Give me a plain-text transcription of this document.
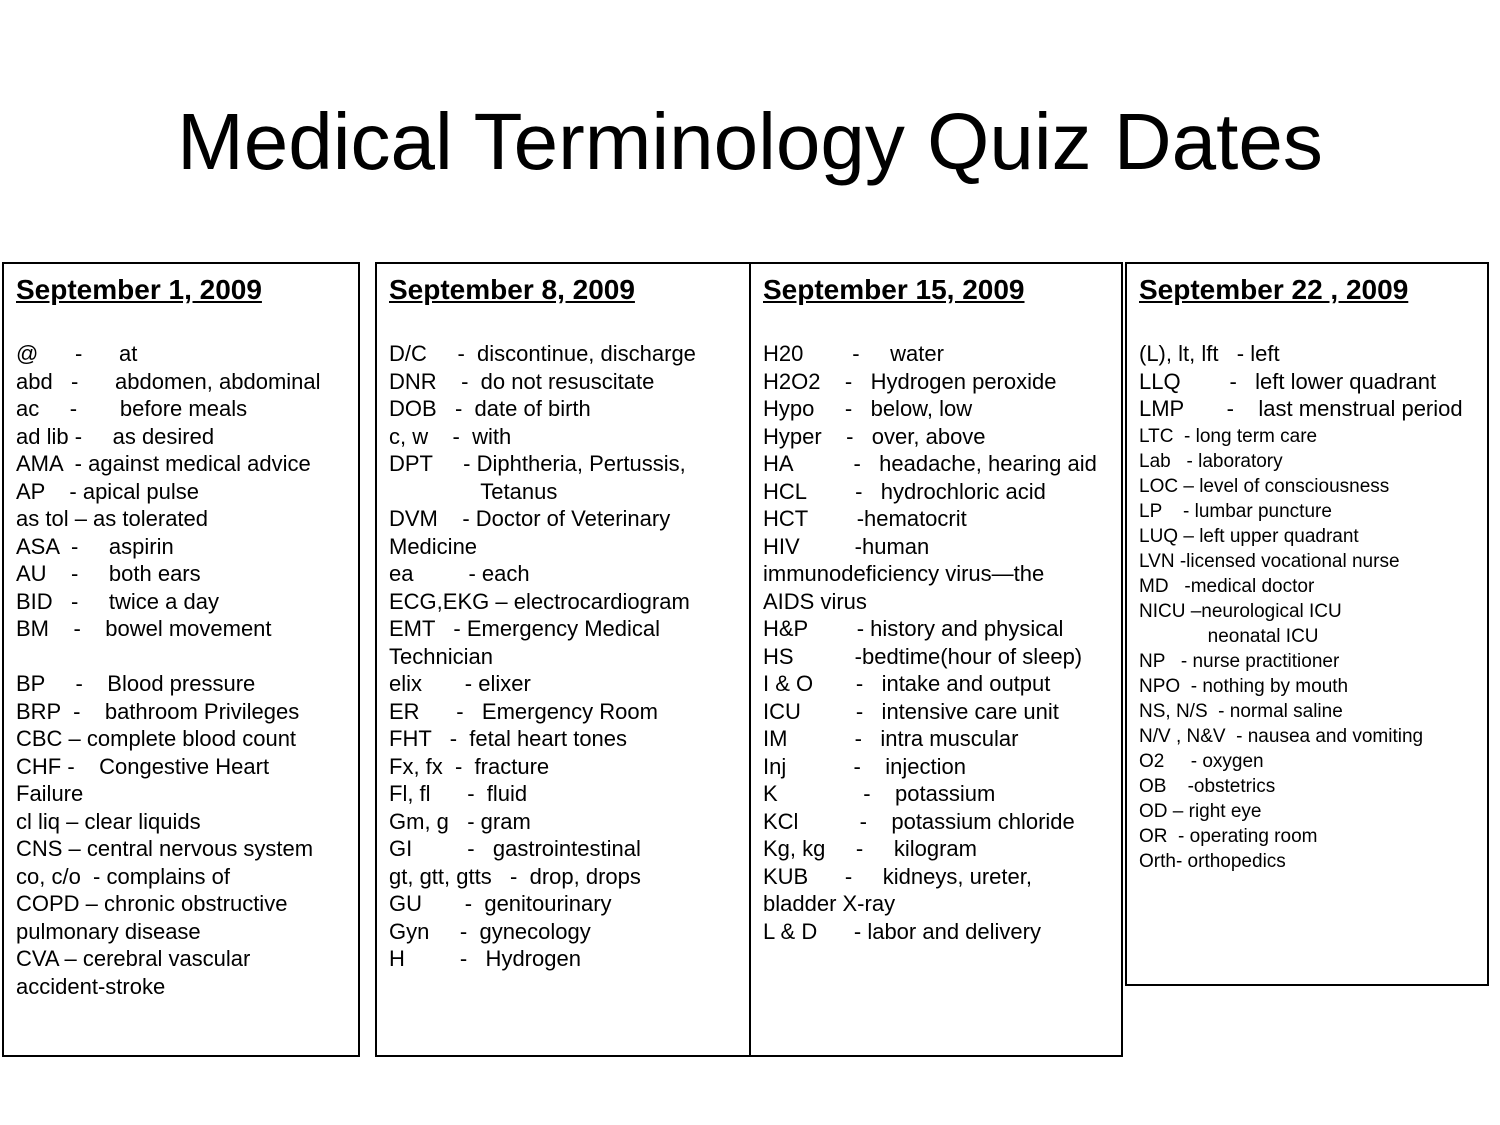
Medical Terminology Quiz Dates
September 1, 2009
@      -      at
abd   -      abdomen, abdominal
ac     -       before meals
ad lib -     as desired
AMA  - against medical advice
AP    - apical pulse
as tol – as tolerated
ASA  -     aspirin
AU    -     both ears
BID   -     twice a day
BM    -    bowel movement
BP     -    Blood pressure
BRP  -    bathroom Privileges
CBC – complete blood count
CHF -    Congestive Heart
Failure
cl liq – clear liquids
CNS – central nervous system
co, c/o  - complains of
COPD – chronic obstructive
pulmonary disease
CVA – cerebral vascular
accident-stroke
September 8, 2009
D/C     -  discontinue, discharge
DNR    -  do not resuscitate
DOB   -  date of birth
c, w    -  with
DPT     - Diphtheria, Pertussis,
Tetanus
DVM    - Doctor of Veterinary
Medicine
ea         - each
ECG,EKG – electrocardiogram
EMT   - Emergency Medical
Technician
elix       - elixer
ER      -   Emergency Room
FHT   -  fetal heart tones
Fx, fx  -  fracture
Fl, fl      -  fluid
Gm, g   - gram
GI         -   gastrointestinal
gt, gtt, gtts   -  drop, drops
GU       -  genitourinary
Gyn     -  gynecology
H         -   Hydrogen
September 15, 2009
H20        -     water
H2O2    -   Hydrogen peroxide
Hypo     -   below, low
Hyper    -   over, above
HA          -   headache, hearing aid
HCL        -   hydrochloric acid
HCT        -hematocrit
HIV         -human
immunodeficiency virus—the
AIDS virus
H&P        - history and physical
HS          -bedtime(hour of sleep)
I & O       -   intake and output
ICU         -   intensive care unit
IM           -   intra muscular
Inj           -    injection
K              -    potassium
KCl          -    potassium chloride
Kg, kg     -     kilogram
KUB      -     kidneys, ureter,
bladder X-ray
L & D      - labor and delivery
September 22 , 2009
(L), lt, lft   - left
LLQ        -   left lower quadrant
LMP       -    last menstrual period
LTC  - long term care
Lab   - laboratory
LOC – level of consciousness
LP    - lumbar puncture
LUQ – left upper quadrant
LVN -licensed vocational nurse
MD   -medical doctor
NICU –neurological ICU
neonatal ICU
NP   - nurse practitioner
NPO  - nothing by mouth
NS, N/S  - normal saline
N/V , N&V  - nausea and vomiting
O2     - oxygen
OB    -obstetrics
OD – right eye
OR  - operating room
Orth- orthopedics
